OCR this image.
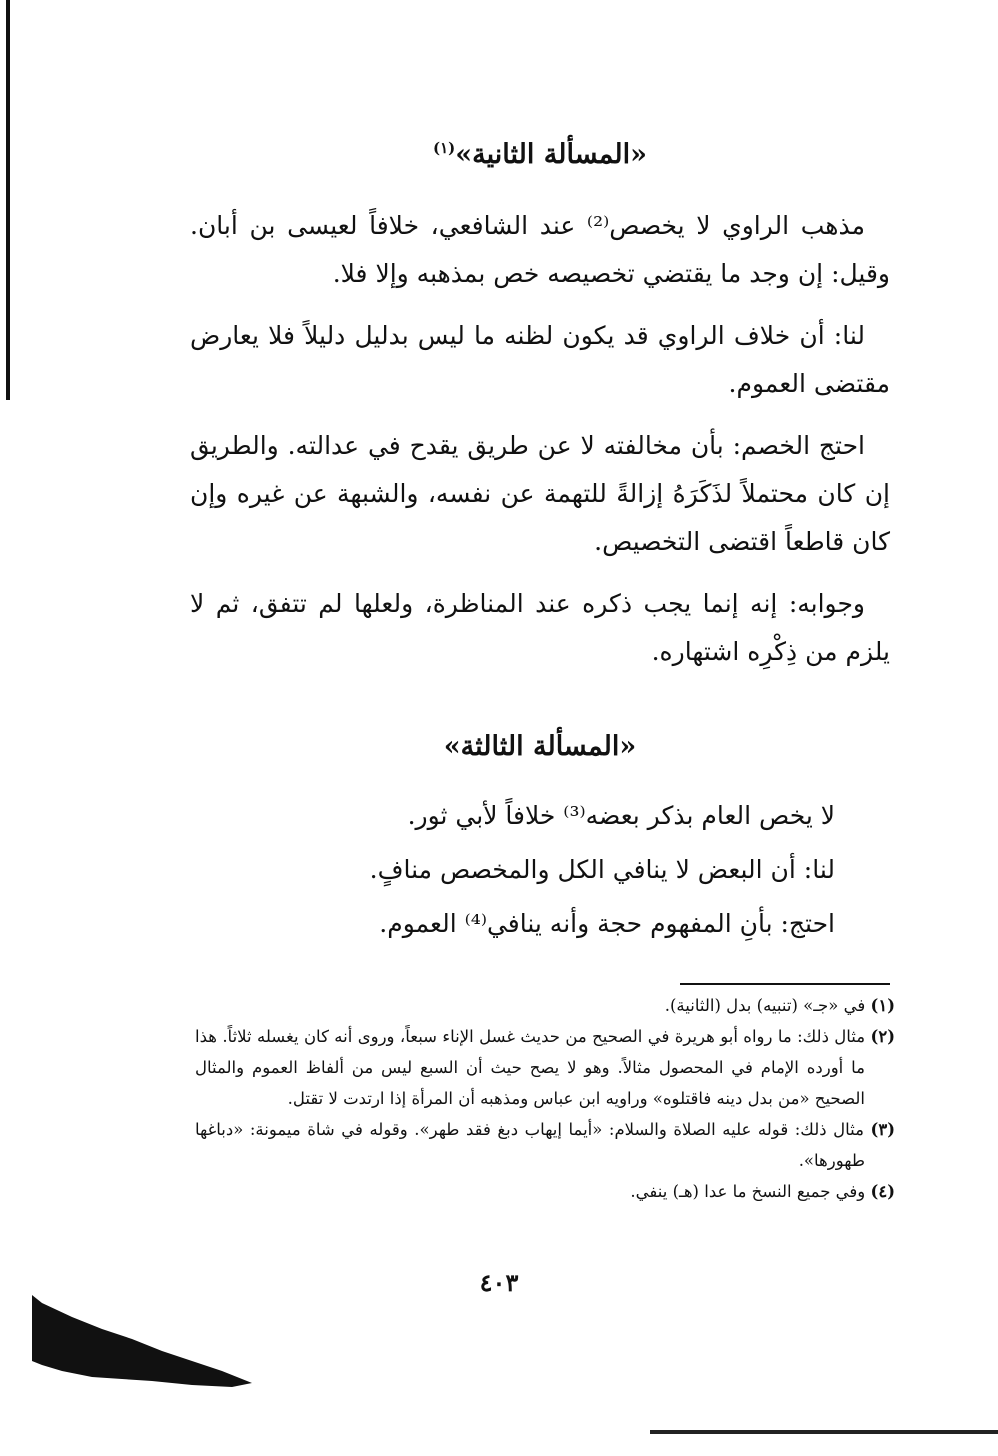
«المسألة الثانية»$^{(١)}$

مذهب الراوي لا يخصص⁽²⁾ عند الشافعي، خلافاً لعيسى بن أبان. وقيل: إن وجد ما يقتضي تخصيصه خص بمذهبه وإلا فلا.

لنا: أن خلاف الراوي قد يكون لظنه ما ليس بدليل دليلاً فلا يعارض مقتضى العموم.

احتج الخصم: بأن مخالفته لا عن طريق يقدح في عدالته. والطريق إن كان محتملاً لذَكَرَهُ إزالةً للتهمة عن نفسه، والشبهة عن غيره وإن كان قاطعاً اقتضى التخصيص.

وجوابه: إنه إنما يجب ذكره عند المناظرة، ولعلها لم تتفق، ثم لا يلزم من ذِكْرِه اشتهاره.

«المسألة الثالثة»

لا يخص العام بذكر بعضه⁽³⁾ خلافاً لأبي ثور.

لنا: أن البعض لا ينافي الكل والمخصص منافٍ.

احتج: بأنِ المفهوم حجة وأنه ينافي⁽⁴⁾ العموم.

(١) في «جـ» (تنبيه) بدل (الثانية).

(٢) مثال ذلك: ما رواه أبو هريرة في الصحيح من حديث غسل الإناء سبعاً، وروى أنه كان يغسله ثلاثاً. هذا ما أورده الإمام في المحصول مثالاً. وهو لا يصح حيث أن السبع ليس من ألفاظ العموم والمثال الصحيح «من بدل دينه فاقتلوه» وراويه ابن عباس ومذهبه أن المرأة إذا ارتدت لا تقتل.

(٣) مثال ذلك: قوله عليه الصلاة والسلام: «أيما إيهاب دبغ فقد طهر». وقوله في شاة ميمونة: «دباغها طهورها».

(٤) وفي جميع النسخ ما عدا (هـ) ينفي.

٤٠٣
